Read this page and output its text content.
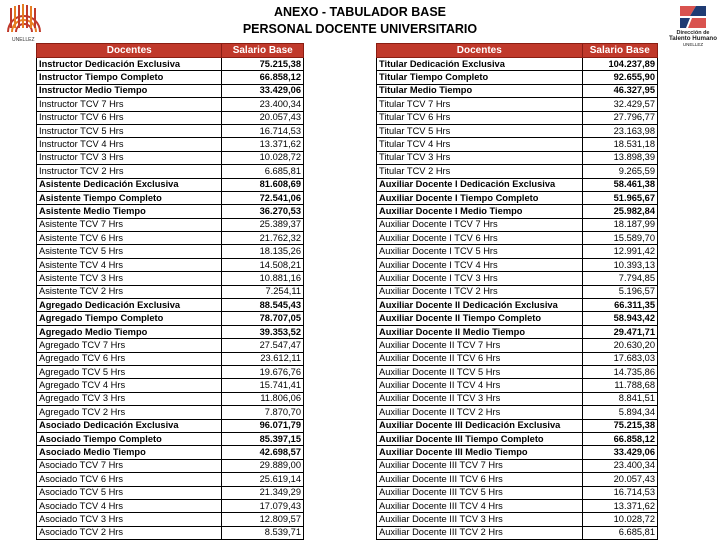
UNELLEZ
ANEXO - TABULADOR BASE
PERSONAL DOCENTE UNIVERSITARIO	Dirección de
Talento Humano
UNELLEZ
Docentes	Salario Base
Instructor Dedicación Exclusiva	75.215,38
Instructor Tiempo Completo	66.858,12
Instructor Medio Tiempo	33.429,06
Instructor TCV 7 Hrs	23.400,34
Instructor TCV 6 Hrs	20.057,43
Instructor TCV 5 Hrs	16.714,53
Instructor TCV 4 Hrs	13.371,62
Instructor TCV 3 Hrs	10.028,72
Instructor TCV 2 Hrs	6.685,81
Asistente Dedicación Exclusiva	81.608,69
Asistente Tiempo Completo	72.541,06
Asistente Medio Tiempo	36.270,53
Asistente TCV 7 Hrs	25.389,37
Asistente TCV 6 Hrs	21.762,32
Asistente TCV 5 Hrs	18.135,26
Asistente TCV 4 Hrs	14.508,21
Asistente TCV 3 Hrs	10.881,16
Asistente TCV 2 Hrs	7.254,11
Agregado Dedicación Exclusiva	88.545,43
Agregado Tiempo Completo	78.707,05
Agregado Medio Tiempo	39.353,52
Agregado TCV 7 Hrs	27.547,47
Agregado TCV 6 Hrs	23.612,11
Agregado TCV 5 Hrs	19.676,76
Agregado TCV 4 Hrs	15.741,41
Agregado TCV 3 Hrs	11.806,06
Agregado TCV 2 Hrs	7.870,70
Asociado Dedicación Exclusiva	96.071,79
Asociado Tiempo Completo	85.397,15
Asociado Medio Tiempo	42.698,57
Asociado TCV 7 Hrs	29.889,00
Asociado TCV 6 Hrs	25.619,14
Asociado TCV 5 Hrs	21.349,29
Asociado TCV 4 Hrs	17.079,43
Asociado TCV 3 Hrs	12.809,57
Asociado TCV 2 Hrs	8.539,71
Docentes	Salario Base
Titular Dedicación Exclusiva	104.237,89
Titular Tiempo Completo	92.655,90
Titular Medio Tiempo	46.327,95
Titular TCV 7 Hrs	32.429,57
Titular TCV 6 Hrs	27.796,77
Titular TCV 5 Hrs	23.163,98
Titular TCV 4 Hrs	18.531,18
Titular TCV 3 Hrs	13.898,39
Titular TCV 2 Hrs	9.265,59
Auxiliar Docente I Dedicación Exclusiva	58.461,38
Auxiliar Docente I Tiempo Completo	51.965,67
Auxiliar Docente I Medio Tiempo	25.982,84
Auxiliar Docente I TCV 7 Hrs	18.187,99
Auxiliar Docente I TCV 6 Hrs	15.589,70
Auxiliar Docente I TCV 5 Hrs	12.991,42
Auxiliar Docente I TCV 4 Hrs	10.393,13
Auxiliar Docente I TCV 3 Hrs	7.794,85
Auxiliar Docente I TCV 2 Hrs	5.196,57
Auxiliar Docente II Dedicación Exclusiva	66.311,35
Auxiliar Docente II Tiempo Completo	58.943,42
Auxiliar Docente II Medio Tiempo	29.471,71
Auxiliar Docente II TCV 7 Hrs	20.630,20
Auxiliar Docente II TCV 6 Hrs	17.683,03
Auxiliar Docente II TCV 5 Hrs	14.735,86
Auxiliar Docente II TCV 4 Hrs	11.788,68
Auxiliar Docente II TCV 3 Hrs	8.841,51
Auxiliar Docente II TCV 2 Hrs	5.894,34
Auxiliar Docente III Dedicación Exclusiva	75.215,38
Auxiliar Docente III Tiempo Completo	66.858,12
Auxiliar Docente III Medio Tiempo	33.429,06
Auxiliar Docente III TCV 7 Hrs	23.400,34
Auxiliar Docente III TCV 6 Hrs	20.057,43
Auxiliar Docente III TCV 5 Hrs	16.714,53
Auxiliar Docente III TCV 4 Hrs	13.371,62
Auxiliar Docente III TCV 3 Hrs	10.028,72
Auxiliar Docente III TCV 2 Hrs	6.685,81
